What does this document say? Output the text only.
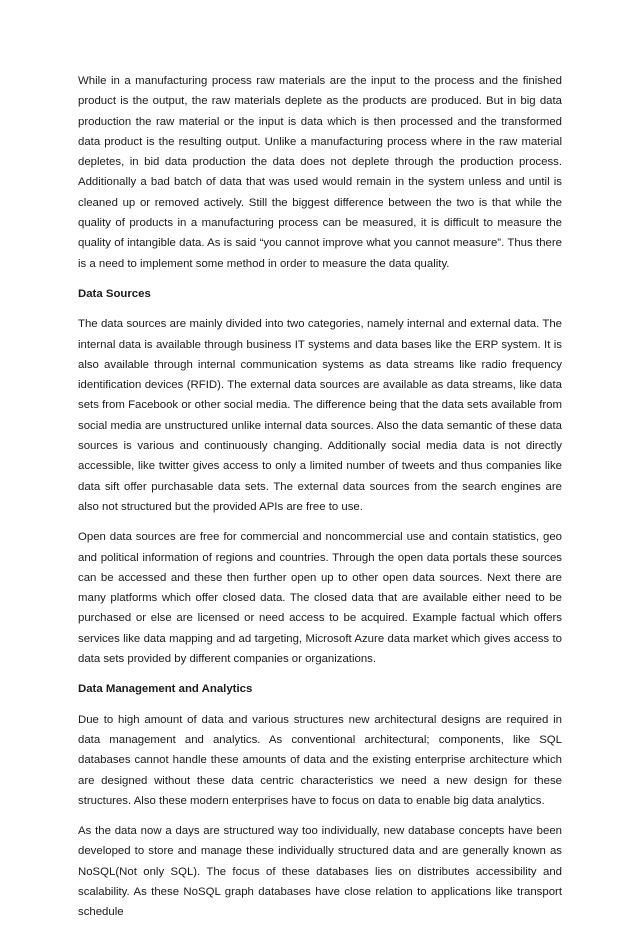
While in a manufacturing process raw materials are the input to the process and the finished product is the output, the raw materials deplete as the products are produced. But in big data production the raw material or the input is data which is then processed and the transformed data product is the resulting output. Unlike a manufacturing process where in the raw material depletes, in bid data production the data does not deplete through the production process. Additionally a bad batch of data that was used would remain in the system unless and until is cleaned up or removed actively. Still the biggest difference between the two is that while the quality of products in a manufacturing process can be measured, it is difficult to measure the quality of intangible data. As is said “you cannot improve what you cannot measure”. Thus there is a need to implement some method in order to measure the data quality.

Data Sources

The data sources are mainly divided into two categories, namely internal and external data. The internal data is available through business IT systems and data bases like the ERP system. It is also available through internal communication systems as data streams like radio frequency identification devices (RFID). The external data sources are available as data streams, like data sets from Facebook or other social media. The difference being that the data sets available from social media are unstructured unlike internal data sources. Also the data semantic of these data sources is various and continuously changing. Additionally social media data is not directly accessible, like twitter gives access to only a limited number of tweets and thus companies like data sift offer purchasable data sets. The external data sources from the search engines are also not structured but the provided APIs are free to use.

Open data sources are free for commercial and noncommercial use and contain statistics, geo and political information of regions and countries. Through the open data portals these sources can be accessed and these then further open up to other open data sources. Next there are many platforms which offer closed data. The closed data that are available either need to be purchased or else are licensed or need access to be acquired. Example factual which offers services like data mapping and ad targeting, Microsoft Azure data market which gives access to data sets provided by different companies or organizations.

Data Management and Analytics

Due to high amount of data and various structures new architectural designs are required in data management and analytics. As conventional architectural; components, like SQL databases cannot handle these amounts of data and the existing enterprise architecture which are designed without these data centric characteristics we need a new design for these structures. Also these modern enterprises have to focus on data to enable big data analytics.

As the data now a days are structured way too individually, new database concepts have been developed to store and manage these individually structured data and are generally known as NoSQL(Not only SQL). The focus of these databases lies on distributes accessibility and scalability. As these NoSQL graph databases have close relation to applications like transport schedule
